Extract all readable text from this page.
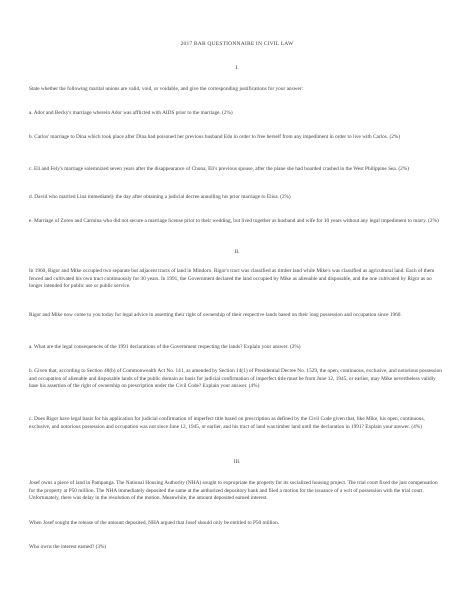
2017 BAR QUESTIONNAIRE IN CIVIL LAW
I.

State whether the following marital unions are valid, void, or voidable, and give the corresponding justifications for your answer:

a. Ador and Becky's marriage wherein Ador was afflicted with AIDS prior to the marriage. (2%)

b. Carlos' marriage to Dina which took place after Dina had poisoned her previous husband Edu in order to free herself from any impediment in order to live with Carlos. (2%)

c. Eli and Fely's marriage solemnized seven years after the disappearance of Chona, Eli's previous spouse, after the plane she had boarded crashed in the West Philippine Sea. (2%)

d. David who married Lina immediately the day after obtaining a judicial decree annulling his prior marriage to Elisa. (2%)

e. Marriage of Zoren and Carmina who did not secure a marriage license prior to their wedding, but lived together as husband and wife for 10 years without any legal impediment to marry. (2%)

II.

In 1960, Rigor and Mike occupied two separate but adjacent tracts of land in Mindoro. Rigor's tract was classified as timber land while Mike's was classified as agricultural land. Each of them fenced and cultivated his own tract continuously for 30 years. In 1991, the Government declared the land occupied by Mike as alienable and disposable, and the one cultivated by Rigor as no longer intended for public use or public service.

Rigor and Mike now come to you today for legal advice in asserting their right of ownership of their respective lands based on their long possession and occupation since 1960.

a. What are the legal consequences of the 1991 declarations of the Government respecting the lands? Explain your answer. (2%)

b. Given that, according to Section 48(b) of Commonwealth Act No. 141, as amended by Section 14(1) of Presidential Decree No. 1529, the open, continuous, exclusive, and notorious possession and occupation of alienable and disposable lands of the public domain as basis for judicial confirmation of imperfect title must be from June 12, 1945, or earlier, may Mike nevertheless validly base his assertion of the right of ownership on prescription under the Civil Code? Explain your answer. (4%)

c. Does Rigor have legal basis for his application for judicial confirmation of imperfect title based on prescription as defined by the Civil Code given that, like Mike, his open, continuous, exclusive, and notorious possession and occupation was not since June 12, 1945, or earlier, and his tract of land was timber land until the declaration in 1991? Explain your answer. (4%)

III.

Josef owns a piece of land in Pampanga. The National Housing Authority (NHA) sought to expropriate the property for its socialized housing project. The trial court fixed the just compensation for the property at P50 million. The NHA immediately deposited the same at the authorized depository bank and filed a motion for the issuance of a writ of possession with the trial court. Unfortunately, there was delay in the resolution of the motion. Meanwhile, the amount deposited earned interest.

When Josef sought the release of the amount deposited, NHA argued that Josef should only be entitled to P50 million.

Who owns the interest earned? (3%)
